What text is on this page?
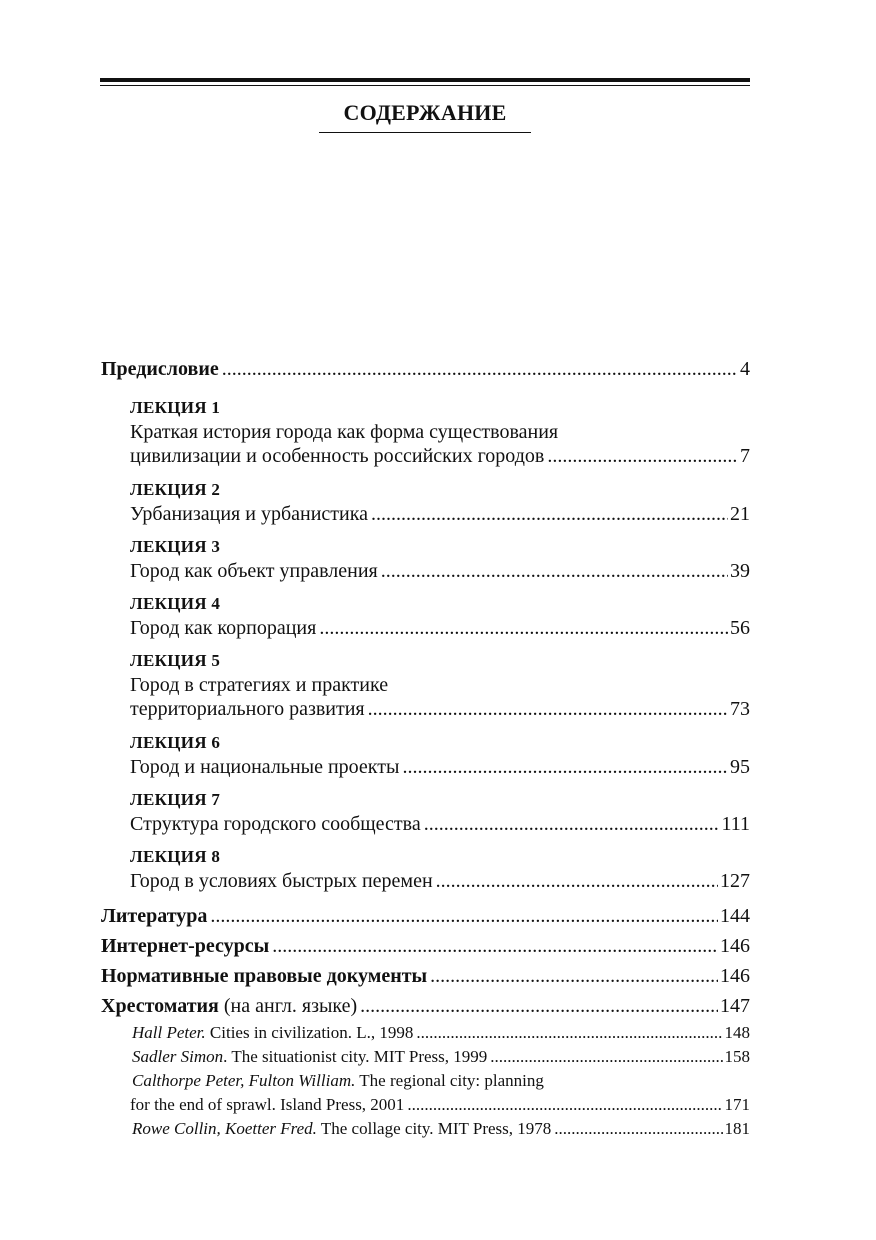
СОДЕРЖАНИЕ
Предисловие .....	4
ЛЕКЦИЯ 1
Краткая история города как форма существования
цивилизации и особенность российских городов .....	7
ЛЕКЦИЯ 2
Урбанизация и урбанистика .....	21
ЛЕКЦИЯ 3
Город как объект управления .....	39
ЛЕКЦИЯ 4
Город как корпорация .....	56
ЛЕКЦИЯ 5
Город в стратегиях и практике
территориального развития .....	73
ЛЕКЦИЯ 6
Город и национальные проекты .....	95
ЛЕКЦИЯ 7
Структура городского сообщества .....	111
ЛЕКЦИЯ 8
Город в условиях быстрых перемен .....	127
Литература .....	144
Интернет-ресурсы .....	146
Нормативные правовые документы .....	146
Хрестоматия (на англ. языке) .....	147
Hall Peter. Cities in civilization. L., 1998 .....	148
Sadler Simon. The situationist city. MIT Press, 1999 .....	158
Calthorpe Peter, Fulton William. The regional city: planning
for the end of sprawl. Island Press, 2001 .....	171
Rowe Collin, Koetter Fred. The collage city. MIT Press, 1978 .....	181
